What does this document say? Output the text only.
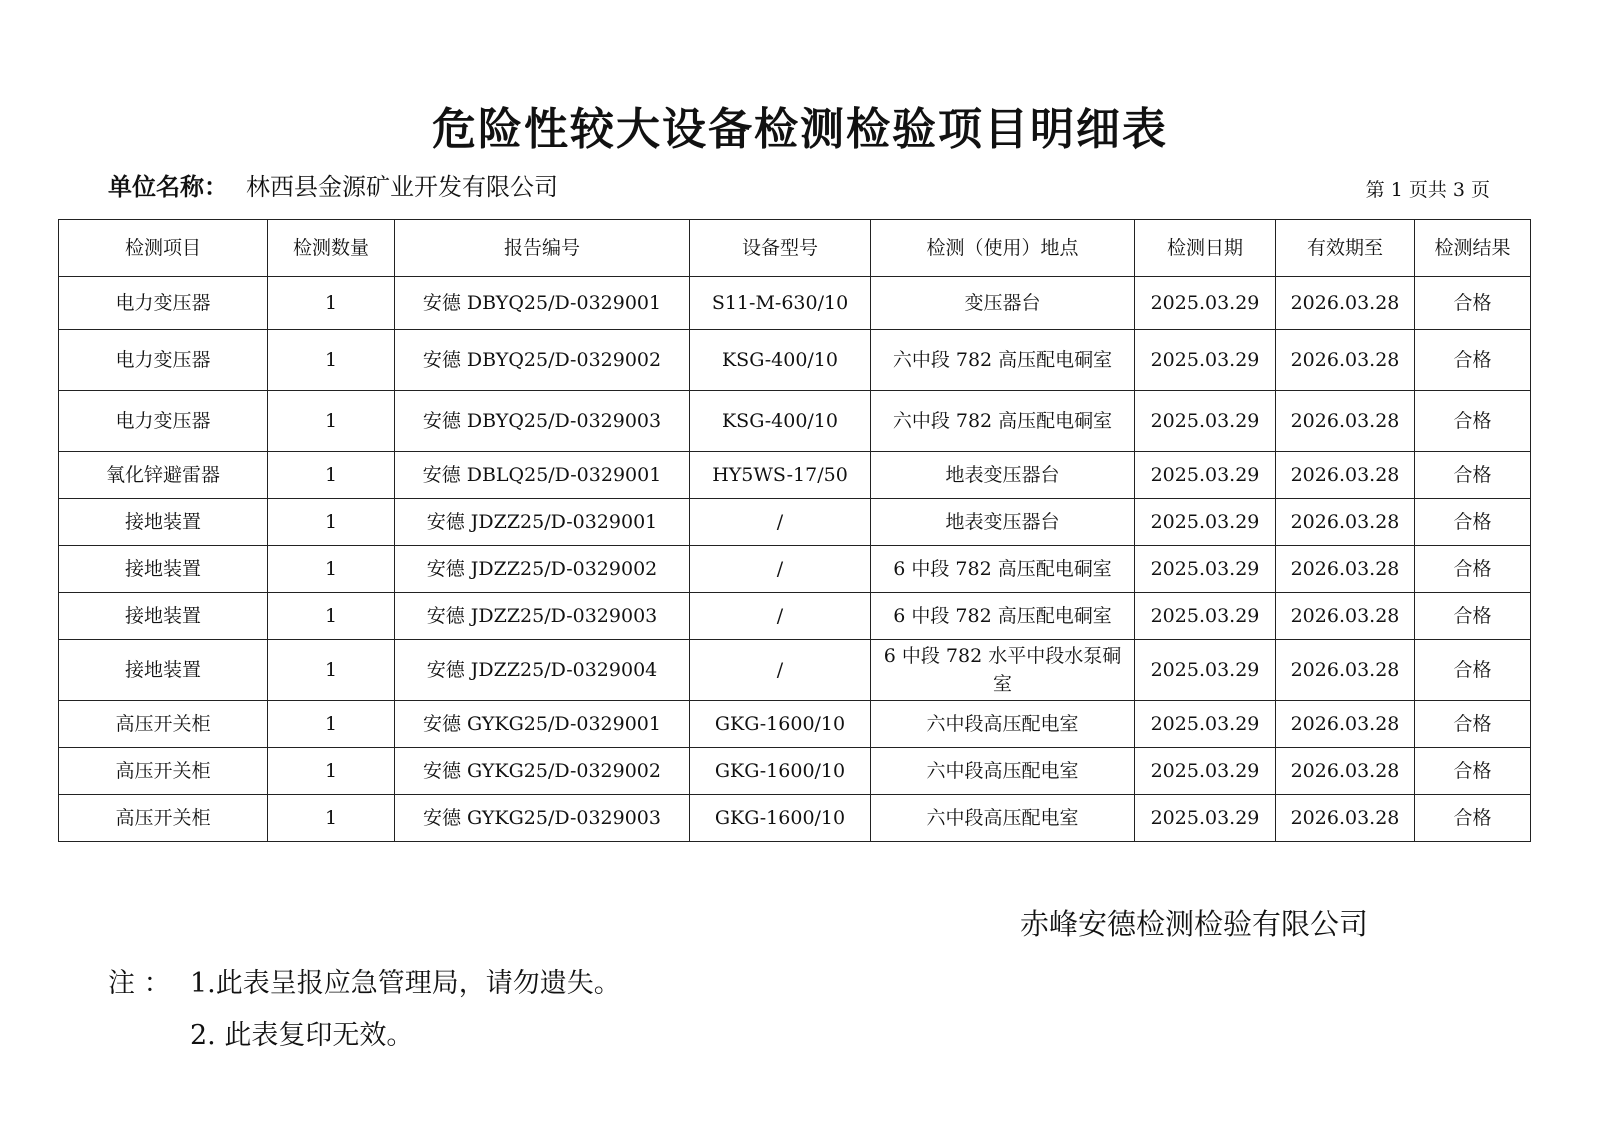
危险性较大设备检测检验项目明细表
单位名称： 林西县金源矿业开发有限公司	第 1 页共 3 页
检测项目	检测数量	报告编号	设备型号	检测（使用）地点	检测日期	有效期至	检测结果
电力变压器	1	安德 DBYQ25/D-0329001	S11-M-630/10	变压器台	2025.03.29	2026.03.28	合格
电力变压器	1	安德 DBYQ25/D-0329002	KSG-400/10	六中段 782 高压配电硐室	2025.03.29	2026.03.28	合格
电力变压器	1	安德 DBYQ25/D-0329003	KSG-400/10	六中段 782 高压配电硐室	2025.03.29	2026.03.28	合格
氧化锌避雷器	1	安德 DBLQ25/D-0329001	HY5WS-17/50	地表变压器台	2025.03.29	2026.03.28	合格
接地装置	1	安德 JDZZ25/D-0329001	/	地表变压器台	2025.03.29	2026.03.28	合格
接地装置	1	安德 JDZZ25/D-0329002	/	6 中段 782 高压配电硐室	2025.03.29	2026.03.28	合格
接地装置	1	安德 JDZZ25/D-0329003	/	6 中段 782 高压配电硐室	2025.03.29	2026.03.28	合格
接地装置	1	安德 JDZZ25/D-0329004	/	6 中段 782 水平中段水泵硐室	2025.03.29	2026.03.28	合格
高压开关柜	1	安德 GYKG25/D-0329001	GKG-1600/10	六中段高压配电室	2025.03.29	2026.03.28	合格
高压开关柜	1	安德 GYKG25/D-0329002	GKG-1600/10	六中段高压配电室	2025.03.29	2026.03.28	合格
高压开关柜	1	安德 GYKG25/D-0329003	GKG-1600/10	六中段高压配电室	2025.03.29	2026.03.28	合格
赤峰安德检测检验有限公司
注 ： 1.此表呈报应急管理局，请勿遗失。
2. 此表复印无效。
